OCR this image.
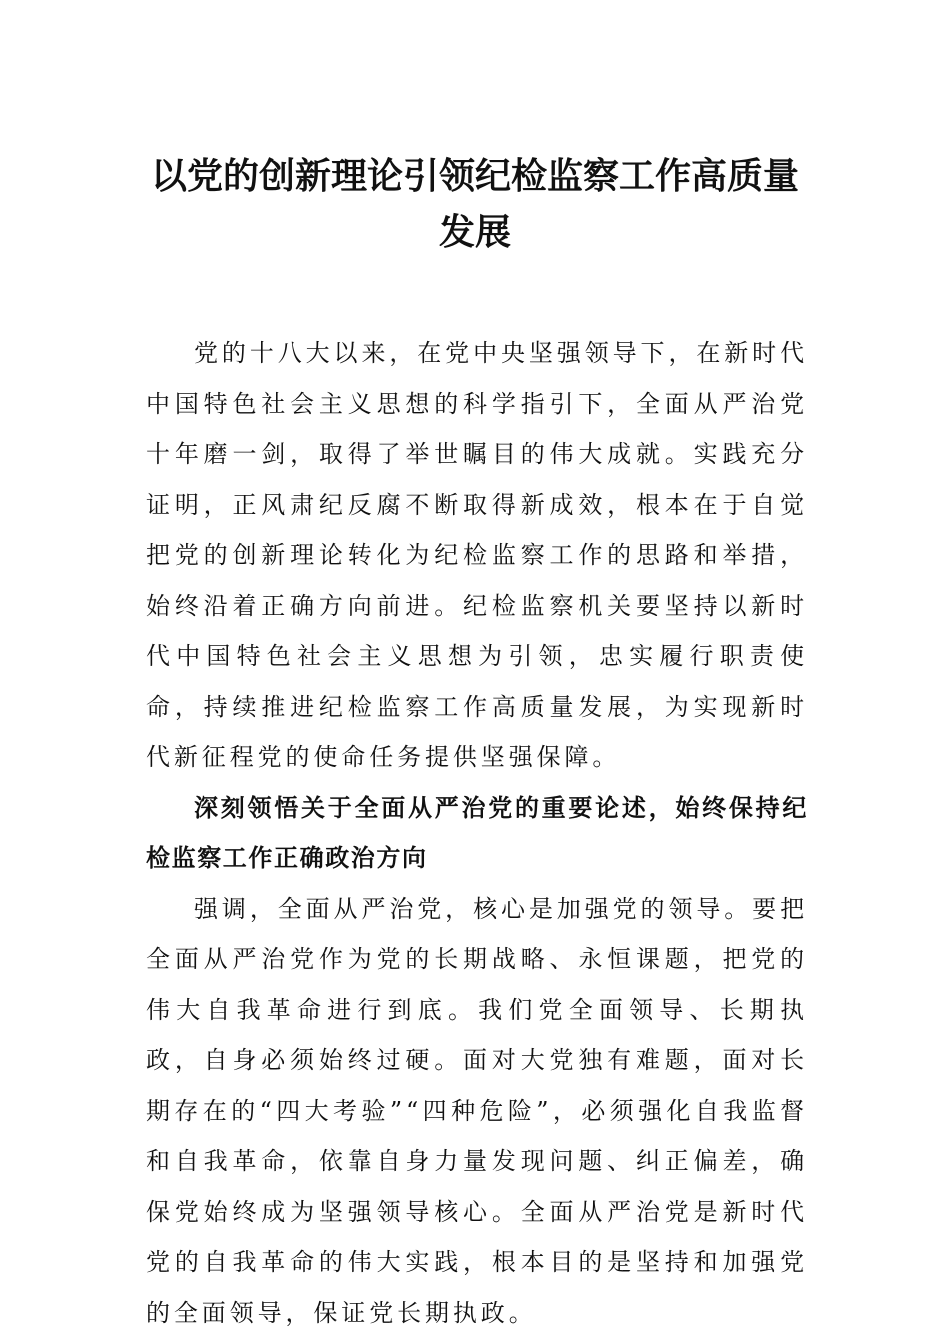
以党的创新理论引领纪检监察工作高质量发展

党的十八大以来，在党中央坚强领导下，在新时代中国特色社会主义思想的科学指引下，全面从严治党十年磨一剑，取得了举世瞩目的伟大成就。实践充分证明，正风肃纪反腐不断取得新成效，根本在于自觉把党的创新理论转化为纪检监察工作的思路和举措，始终沿着正确方向前进。纪检监察机关要坚持以新时代中国特色社会主义思想为引领，忠实履行职责使命，持续推进纪检监察工作高质量发展，为实现新时代新征程党的使命任务提供坚强保障。

深刻领悟关于全面从严治党的重要论述，始终保持纪检监察工作正确政治方向

强调，全面从严治党，核心是加强党的领导。要把全面从严治党作为党的长期战略、永恒课题，把党的伟大自我革命进行到底。我们党全面领导、长期执政，自身必须始终过硬。面对大党独有难题，面对长期存在的“四大考验”“四种危险”，必须强化自我监督和自我革命，依靠自身力量发现问题、纠正偏差，确保党始终成为坚强领导核心。全面从严治党是新时代党的自我革命的伟大实践，根本目的是坚持和加强党的全面领导，保证党长期执政。
